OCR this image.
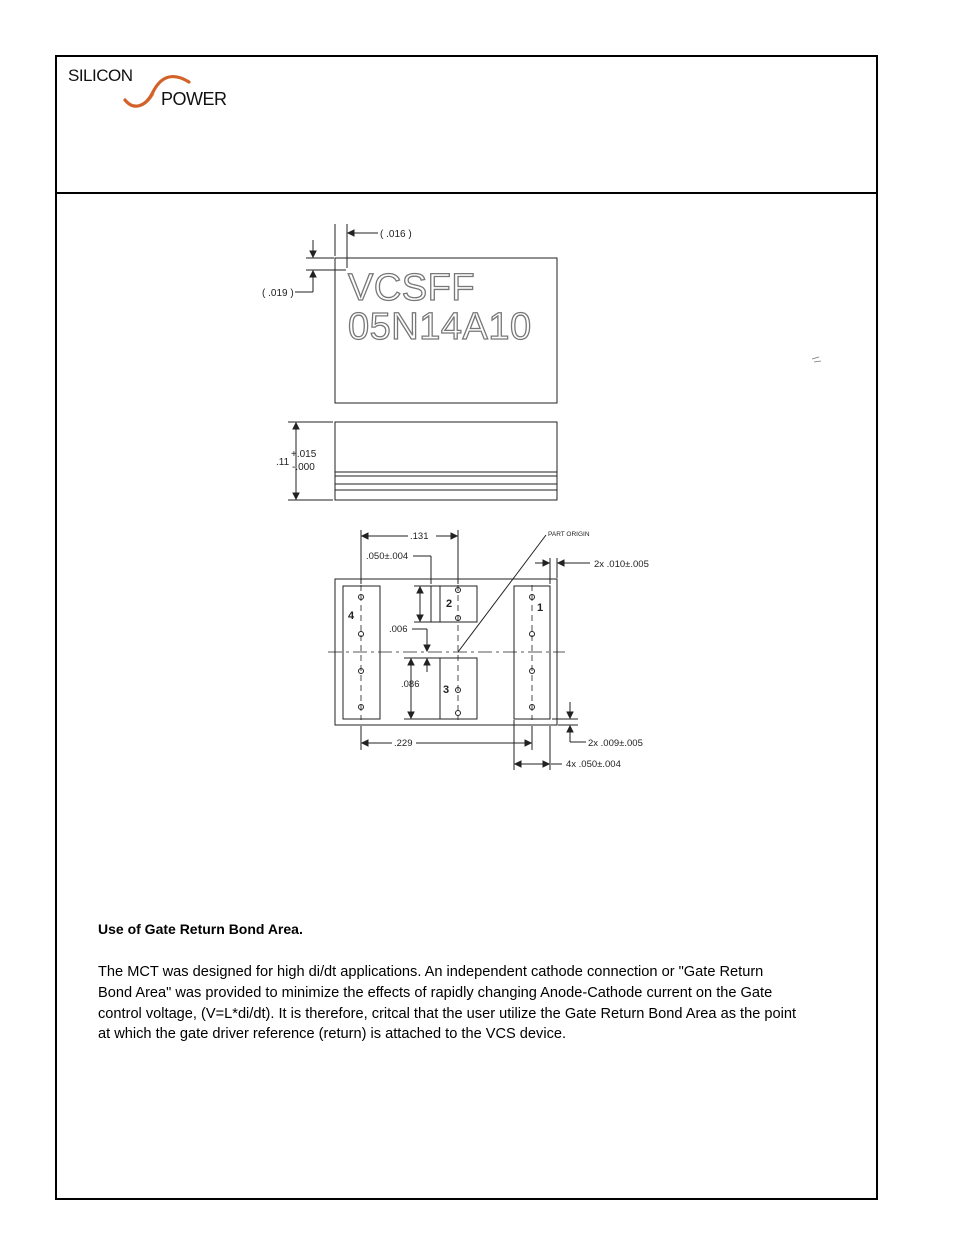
SILICON
POWER
VCSFF
05N14A10
( .016 )
( .019 )
.11
+.015
-.000
1
2
3
4
.131
.050±.004
.006
.086
.229
PART ORIGIN
2x .010±.005
2x .009±.005
4x .050±.004

Use of Gate Return Bond Area.

The MCT was designed for high di/dt applications. An independent cathode connection or "Gate Return Bond Area" was provided to minimize the effects of rapidly changing Anode-Cathode current on the Gate control voltage, (V=L*di/dt). It is therefore, critcal that the user utilize the Gate Return Bond Area as the point at which the gate driver reference (return) is attached to the VCS device.
